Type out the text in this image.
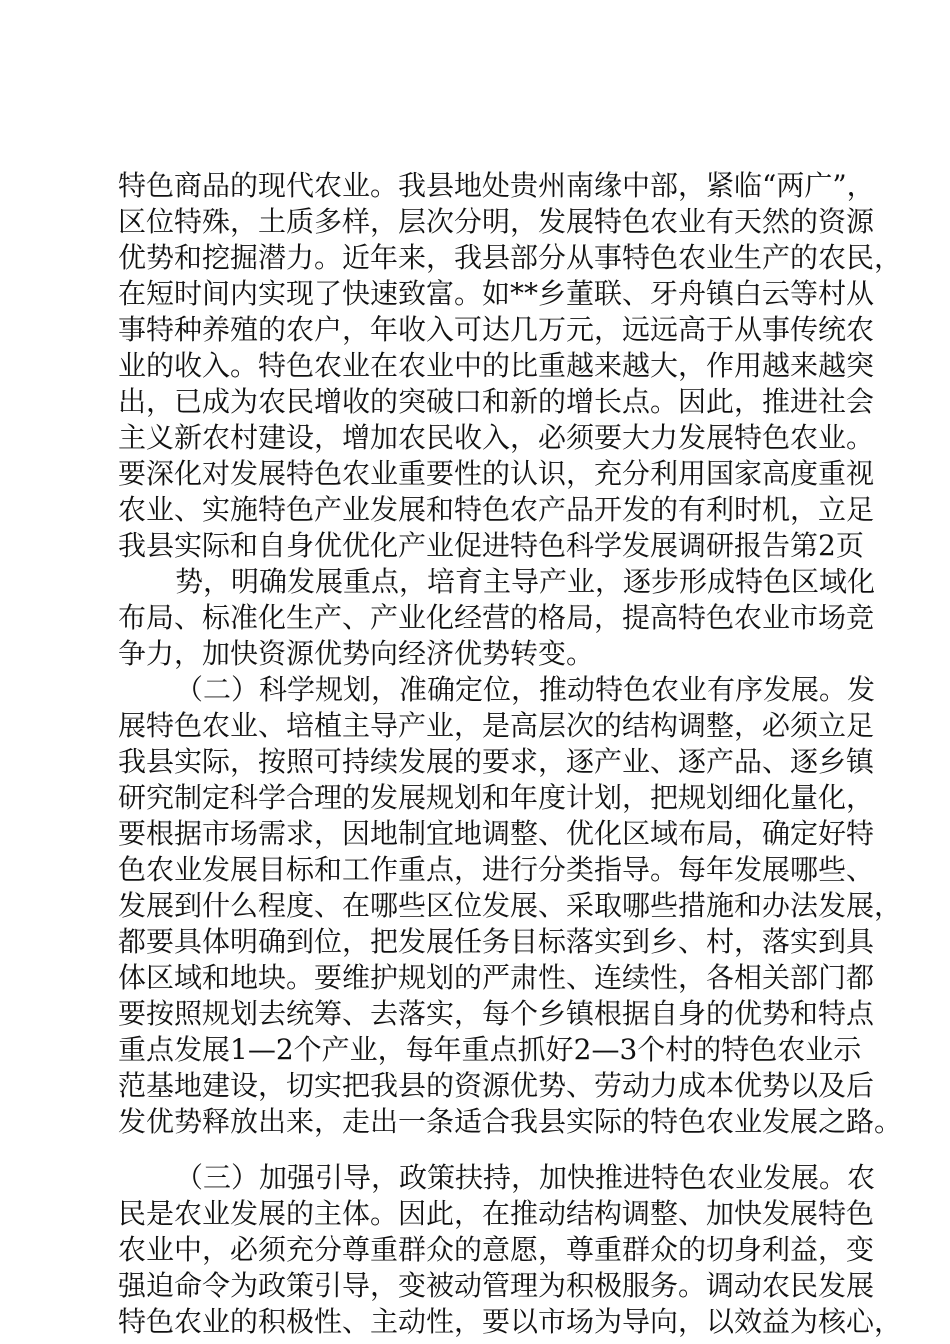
特色商品的现代农业。我县地处贵州南缘中部，紧临“两广”，
区位特殊，土质多样，层次分明，发展特色农业有天然的资源
优势和挖掘潜力。近年来，我县部分从事特色农业生产的农民，
在短时间内实现了快速致富。如**乡董联、牙舟镇白云等村从
事特种养殖的农户，年收入可达几万元，远远高于从事传统农
业的收入。特色农业在农业中的比重越来越大，作用越来越突
出，已成为农民增收的突破口和新的增长点。因此，推进社会
主义新农村建设，增加农民收入，必须要大力发展特色农业。
要深化对发展特色农业重要性的认识，充分利用国家高度重视
农业、实施特色产业发展和特色农产品开发的有利时机，立足
我县实际和自身优优化产业促进特色科学发展调研报告第2页
势，明确发展重点，培育主导产业，逐步形成特色区域化
布局、标准化生产、产业化经营的格局，提高特色农业市场竞
争力，加快资源优势向经济优势转变。
（二）科学规划，准确定位，推动特色农业有序发展。发
展特色农业、培植主导产业，是高层次的结构调整，必须立足
我县实际，按照可持续发展的要求，逐产业、逐产品、逐乡镇
研究制定科学合理的发展规划和年度计划，把规划细化量化，
要根据市场需求，因地制宜地调整、优化区域布局，确定好特
色农业发展目标和工作重点，进行分类指导。每年发展哪些、
发展到什么程度、在哪些区位发展、采取哪些措施和办法发展，
都要具体明确到位，把发展任务目标落实到乡、村，落实到具
体区域和地块。要维护规划的严肃性、连续性，各相关部门都
要按照规划去统筹、去落实，每个乡镇根据自身的优势和特点
重点发展1—2个产业，每年重点抓好2—3个村的特色农业示
范基地建设，切实把我县的资源优势、劳动力成本优势以及后
发优势释放出来，走出一条适合我县实际的特色农业发展之路。
（三）加强引导，政策扶持，加快推进特色农业发展。农
民是农业发展的主体。因此，在推动结构调整、加快发展特色
农业中，必须充分尊重群众的意愿，尊重群众的切身利益，变
强迫命令为政策引导，变被动管理为积极服务。调动农民发展
特色农业的积极性、主动性，要以市场为导向，以效益为核心，
